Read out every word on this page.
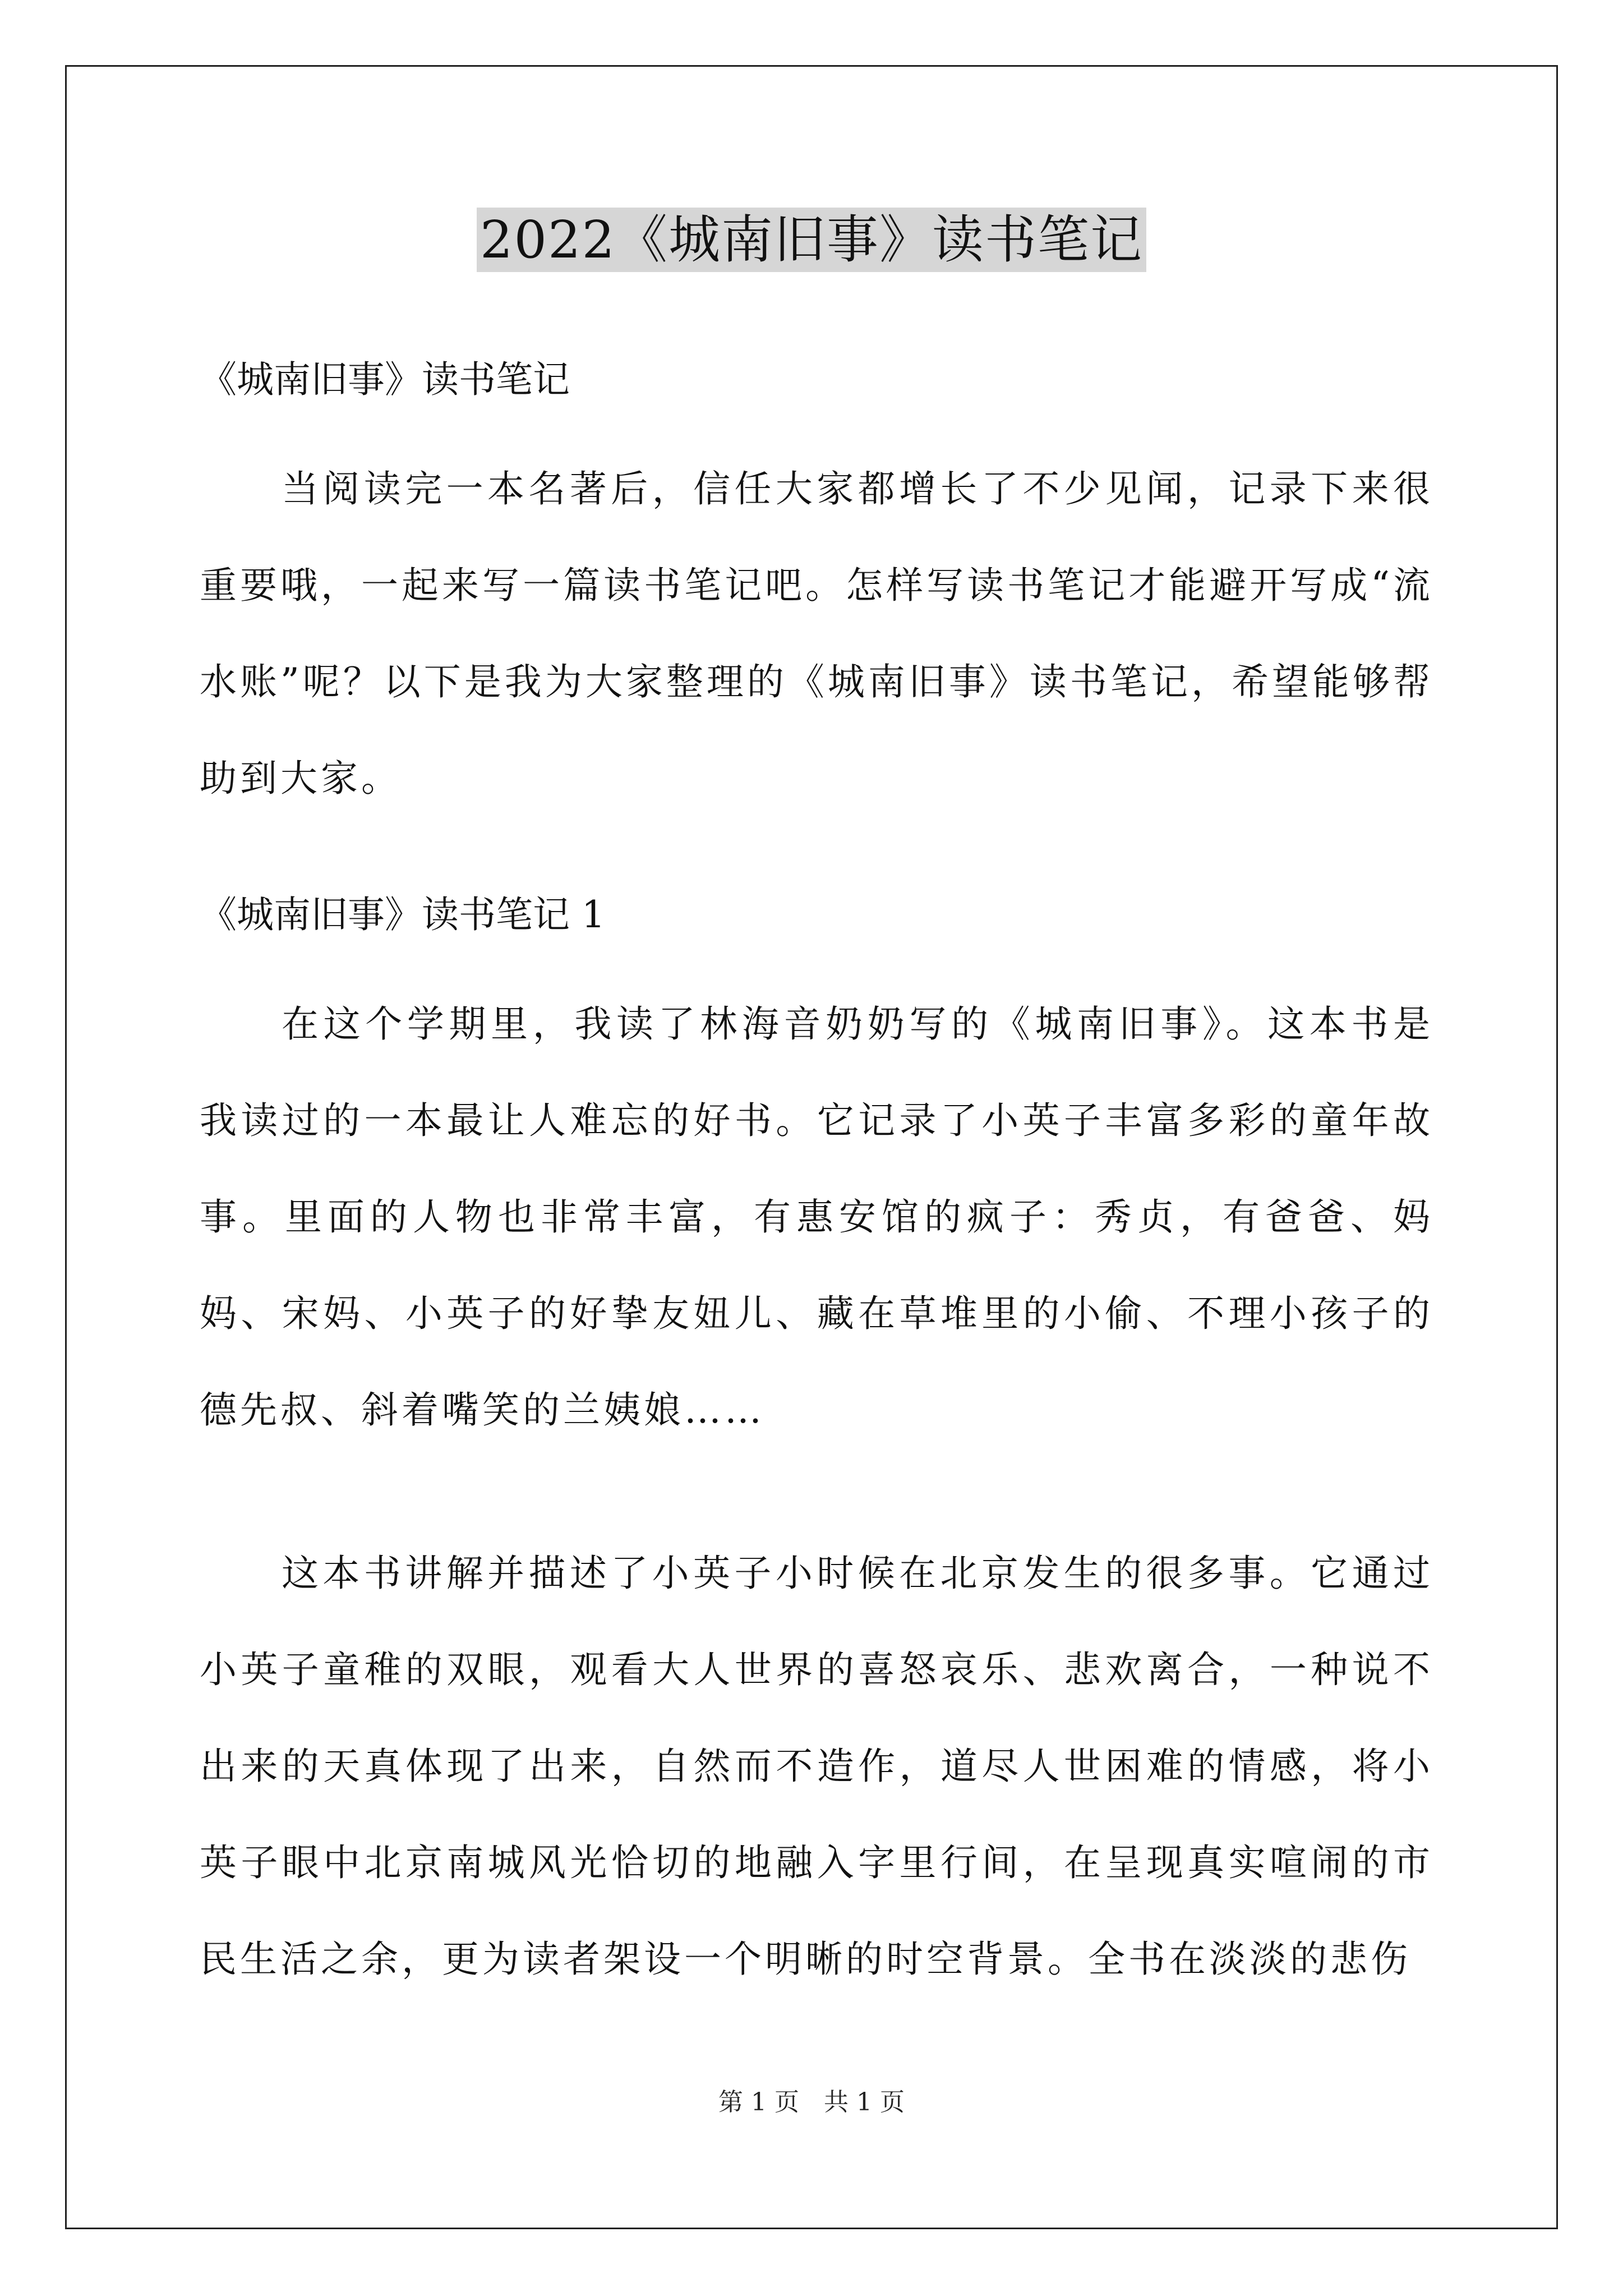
2022《城南旧事》读书笔记
《城南旧事》读书笔记

当阅读完一本名著后，信任大家都增长了不少见闻，记录下来很重要哦，一起来写一篇读书笔记吧。怎样写读书笔记才能避开写成“流水账”呢？以下是我为大家整理的《城南旧事》读书笔记，希望能够帮助到大家。

《城南旧事》读书笔记 1

在这个学期里，我读了林海音奶奶写的《城南旧事》。这本书是我读过的一本最让人难忘的好书。它记录了小英子丰富多彩的童年故事。里面的人物也非常丰富，有惠安馆的疯子：秀贞，有爸爸、妈妈、宋妈、小英子的好挚友妞儿、藏在草堆里的小偷、不理小孩子的德先叔、斜着嘴笑的兰姨娘……

这本书讲解并描述了小英子小时候在北京发生的很多事。它通过小英子童稚的双眼，观看大人世界的喜怒哀乐、悲欢离合，一种说不出来的天真体现了出来，自然而不造作，道尽人世困难的情感，将小英子眼中北京南城风光恰切的地融入字里行间，在呈现真实喧闹的市民生活之余，更为读者架设一个明晰的时空背景。全书在淡淡的悲伤

第 1 页　共 1 页
